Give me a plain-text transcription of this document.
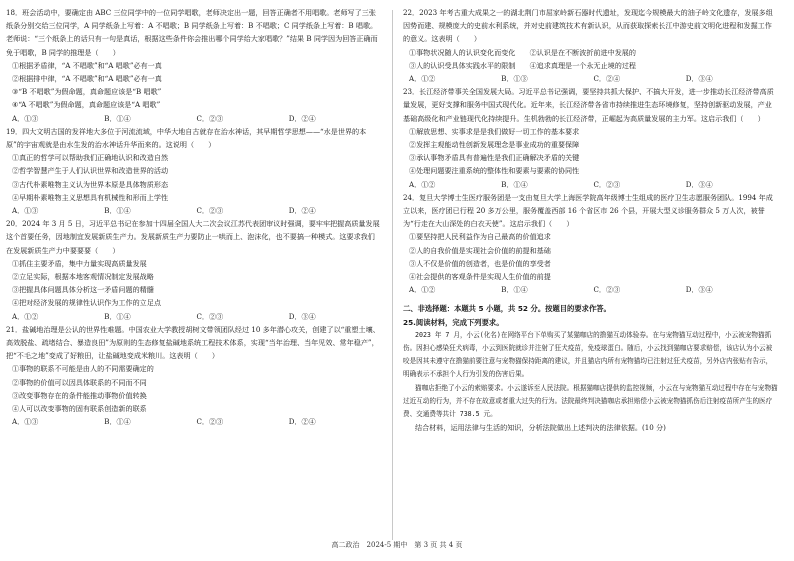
18．班会活动中，要确定由 ABC 三位同学中的一位同学唱歌，老师决定出一题，回答正确者不用唱歌。老师写了三张纸条分别交给三位同学，A 同学纸条上写着：A 不唱歌；B 同学纸条上写着：B 不唱歌；C 同学纸条上写着：B 唱歌。老师说：“三个纸条上的话只有一句是真话，根据这些条件你会推出哪个同学给大家唱歌？”结果 B 同学因为回答正确而免于唱歌，B 同学的推理是（　　）

①根据矛盾律，“A 不唱歌”和“A 唱歌”必有一真

②根据排中律，“A 不唱歌”和“A 唱歌”必有一真

③“B 不唱歌”为假命题，真命题应该是“B 唱歌”

④“A 不唱歌”为假命题，真命题应该是“A 唱歌”

A．①③	B．①④	C．②③	D．②④

19．四大文明古国的发祥地大多位于河流流域，中华大地自古就存在治水神话，其早期哲学思想——“水是世界的本原”的宇宙观就是由水生发的治水神话升华而来的。这说明（　　）

①真正的哲学可以帮助我们正确地认识和改造自然

②哲学智慧产生于人们认识世界和改造世界的活动

③古代朴素唯物主义认为世界本原是具体物质形态

④早期朴素唯物主义思想具有机械性和形而上学性

A．①③	B．①④	C．②③	D．②④

20．2024 年 3 月 5 日，习近平总书记在参加十四届全国人大二次会议江苏代表团审议时强调，要牢牢把握高质量发展这个首要任务，因地制宜发展新质生产力。发展新质生产力要防止一哄而上、泡沫化，也不要搞一种模式。这要求我们在发展新质生产力中要要要（　　）

①抓住主要矛盾，集中力量实现高质量发展

②立足实际，根据本地客观情况制定发展战略

③把握具体问题具体分析这一矛盾问题的精髓

④把对经济发展的规律性认识作为工作的立足点

A．①②	B．①④	C．②③	D．③④

21．盐碱地治理是公认的世界性难题。中国农业大学教授胡树文带领团队经过 10 多年潜心攻关，创建了以“重塑土壤、高效脱盐、疏堵结合、暴造良田”为原则的生态修复盐碱地系统工程技术体系，实现“当年治理、当年见效、常年稳产”，把“不毛之地”变成了好粮田，让盐碱地变成米粮川。这表明（　　）

①事物的联系不可能是由人的不同需要确定的

②事物的价值可以因具体联系的不同而不同

③改变事物存在的条件能推动事物价值转换

④人可以改变事物的固有联系创造新的联系

A．①③	B．①④	C．②③	D．②④

22．2023 年考古重大成果之一的湖北荆门市屈家岭新石器时代遗址，发现迄今规模最大的油子岭文化遗存，发展多组因势而建、规模庞大的史前水利系统，并对史前建筑技术有新认识，从而获取探索长江中游史前文明化进程和发掘工作的意义。这表明（　　）

①事物状况随人的认识变化而变化　　②认识是在不断波折前进中发展的

③人的认识受具体实践水平的限制　　④追求真理是一个永无止境的过程

A．①②	B．①③	C．②④	D．③④

23．长江经济带事关全国发展大局。习近平总书记强调，要坚持共抓大保护、不搞大开发，进一步推动长江经济带高质量发展，更好支撑和服务中国式现代化。近年来，长江经济带各省市持续推进生态环境修复，坚持创新驱动发展，产业基础高级化和产业链现代化持续提升。生机勃勃的长江经济带，正崛起为高质量发展的主力军。这启示我们（　　）

①解放思想、实事求是是我们做好一切工作的基本要求

②发挥主观能动性创新发展理念是事业成功的重要保障

③承认事物矛盾具有普遍性是我们正确解决矛盾的关键

④处理问题要注重系统的整体性和要素与要素的协同性

A．①②	B．①④	C．②③	D．③④

24．复旦大学博士生医疗服务团是一支由复旦大学上海医学院高年级博士生组成的医疗卫生志愿服务团队。1994 年成立以来，医疗团已行程 20 多万公里，服务覆盖西部 16 个省区市 26 个县，开展大型义诊服务群众 5 万人次，被誉为“行走在大山深处的白衣天使”。这启示我们（　　）

①要坚持把人民利益作为自己最高的价值追求

②人的自我价值是实现社会价值的前提和基础

③人不仅是价值的创造者，也是价值的享受者

④社会提供的客观条件是实现人生价值的前提

A．①②	B．①④	C．②③	D．③④
二、非选择题：本题共 5 小题，共 52 分。按题目的要求作答。
25.阅读材料，完成下列要求。

2023 年 7 月，小云(化名)在网络平台下单购买了某猫咖店的撸猫互动体验券。在与宠物猫互动过程中，小云被宠物猫抓伤。因担心感染狂犬病毒，小云到医院就诊并注射了狂犬疫苗，免疫球蛋白。随后，小云找到猫咖店要求赔偿，该店认为小云被咬是因其未遵守在撸猫前要注意与宠物猫保持距离的建议，并且猫店内所有宠物猫均已注射过狂犬疫苗，另外店内张贴有告示，明确表示不承担个人行为引发的伤害后果。

猫咖店拒绝了小云的索赔要求。小云遂诉至人民法院。根据猫咖店提供的监控视频，小云在与宠物猫互动过程中存在与宠物猫过近互动的行为，并不存在故意或者重大过失的行为。法院最终判决猫咖店承担赔偿小云被宠物猫抓伤后注射疫苗所产生的医疗费、交通费等共计 738.5 元。

结合材料，运用法律与生活的知识，分析法院做出上述判决的法律依据。(10 分)

高二政治　2024-5 期中　第 3 页 共 4 页
